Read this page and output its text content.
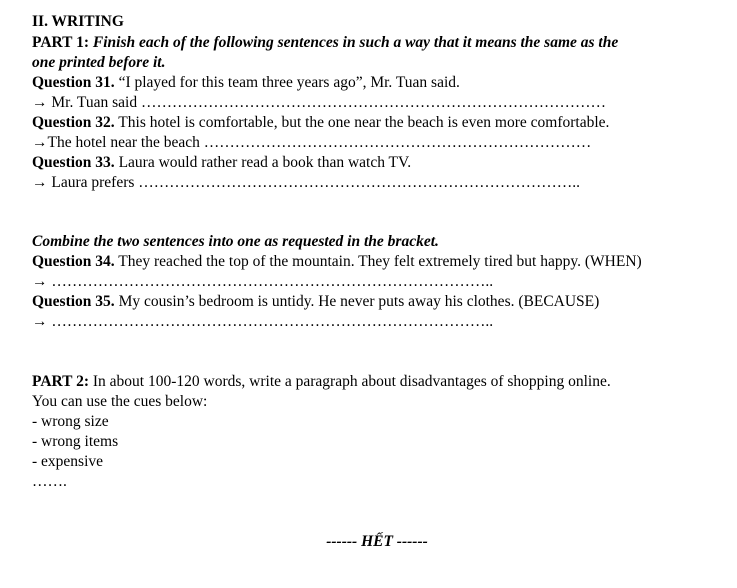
II. WRITING
PART 1: Finish each of the following sentences in such a way that it means the same as the
one printed before it.
Question 31. “I played for this team three years ago”, Mr. Tuan said.
→ Mr. Tuan said ………………………………………………………………………………
Question 32. This hotel is comfortable, but the one near the beach is even more comfortable.
→The hotel near the beach …………………………………………………………………
Question 33. Laura would rather read a book than watch TV.
→ Laura prefers …………………………………………………………………………..
Combine the two sentences into one as requested in the bracket.
Question 34. They reached the top of the mountain. They felt extremely tired but happy. (WHEN)
→ …………………………………………………………………………..
Question 35. My cousin’s bedroom is untidy. He never puts away his clothes. (BECAUSE)
→ …………………………………………………………………………..
PART 2: In about 100-120 words, write a paragraph about disadvantages of shopping online.
You can use the cues below:
- wrong size
- wrong items
- expensive
…….
------ HẾT ------
